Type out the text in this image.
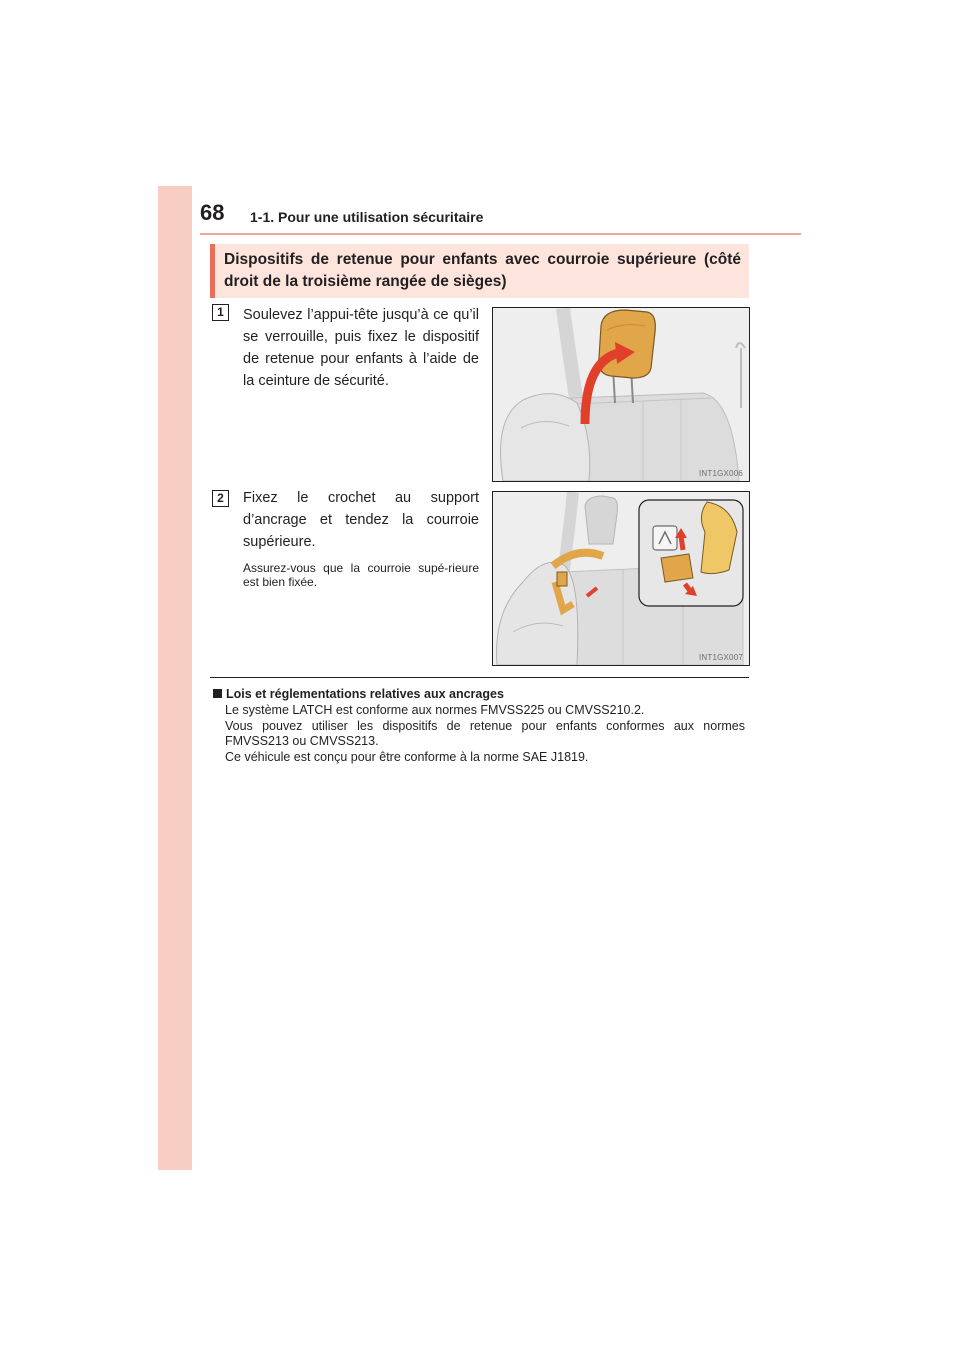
68 1-1. Pour une utilisation sécuritaire
Dispositifs de retenue pour enfants avec courroie supérieure (côté droit de la troisième rangée de sièges)
1	Soulevez l’appui-tête jusqu’à ce qu’il se verrouille, puis fixez le dispositif de retenue pour enfants à l’aide de la ceinture de sécurité.
INT1GX006
2	Fixez le crochet au support d’ancrage et tendez la courroie supérieure.
Assurez-vous que la courroie supé-rieure est bien fixée.
INT1GX007
Lois et réglementations relatives aux ancrages

Le système LATCH est conforme aux normes FMVSS225 ou CMVSS210.2.

Vous pouvez utiliser les dispositifs de retenue pour enfants conformes aux normes FMVSS213 ou CMVSS213.

Ce véhicule est conçu pour être conforme à la norme SAE J1819.
